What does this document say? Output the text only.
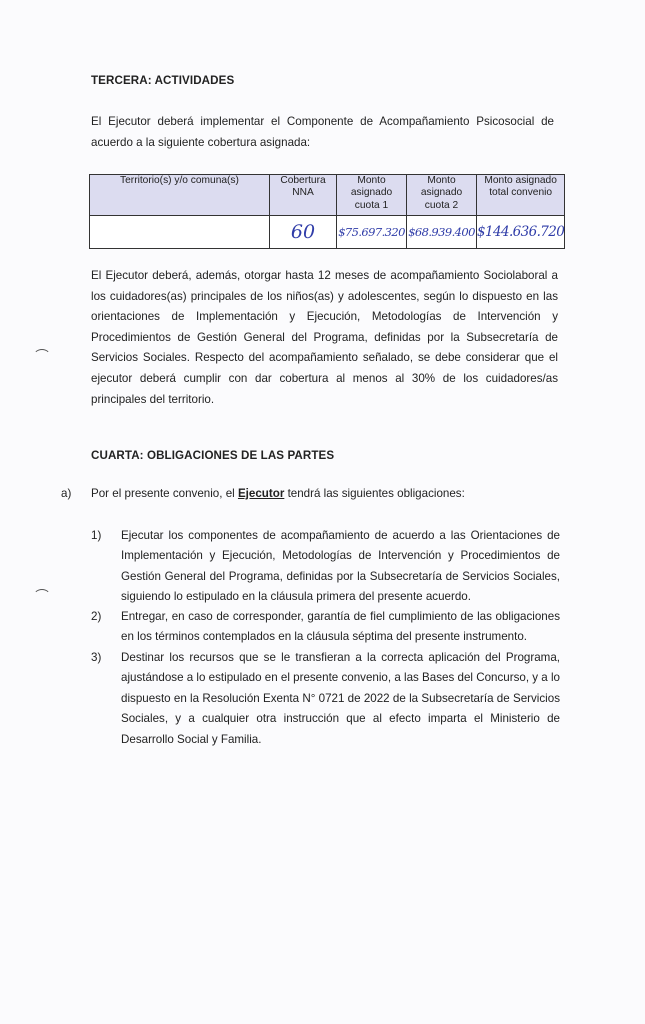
TERCERA: ACTIVIDADES
El Ejecutor deberá implementar el Componente de Acompañamiento Psicosocial de acuerdo a la siguiente cobertura asignada:
Territorio(s) y/o comuna(s)	Cobertura NNA	Monto asignado cuota 1	Monto asignado cuota 2	Monto asignado total convenio
	60	$75.697.320	$68.939.400	$144.636.720
El Ejecutor deberá, además, otorgar hasta 12 meses de acompañamiento Sociolaboral a los cuidadores(as) principales de los niños(as) y adolescentes, según lo dispuesto en las orientaciones de Implementación y Ejecución, Metodologías de Intervención y Procedimientos de Gestión General del Programa, definidas por la Subsecretaría de Servicios Sociales. Respecto del acompañamiento señalado, se debe considerar que el ejecutor deberá cumplir con dar cobertura al menos al 30% de los cuidadores/as principales del territorio.
CUARTA: OBLIGACIONES DE LAS PARTES
a) Por el presente convenio, el Ejecutor tendrá las siguientes obligaciones:
1) Ejecutar los componentes de acompañamiento de acuerdo a las Orientaciones de Implementación y Ejecución, Metodologías de Intervención y Procedimientos de Gestión General del Programa, definidas por la Subsecretaría de Servicios Sociales, siguiendo lo estipulado en la cláusula primera del presente acuerdo.
2) Entregar, en caso de corresponder, garantía de fiel cumplimiento de las obligaciones en los términos contemplados en la cláusula séptima del presente instrumento.
3) Destinar los recursos que se le transfieran a la correcta aplicación del Programa, ajustándose a lo estipulado en el presente convenio, a las Bases del Concurso, y a lo dispuesto en la Resolución Exenta N° 0721 de 2022 de la Subsecretaría de Servicios Sociales, y a cualquier otra instrucción que al efecto imparta el Ministerio de Desarrollo Social y Familia.
